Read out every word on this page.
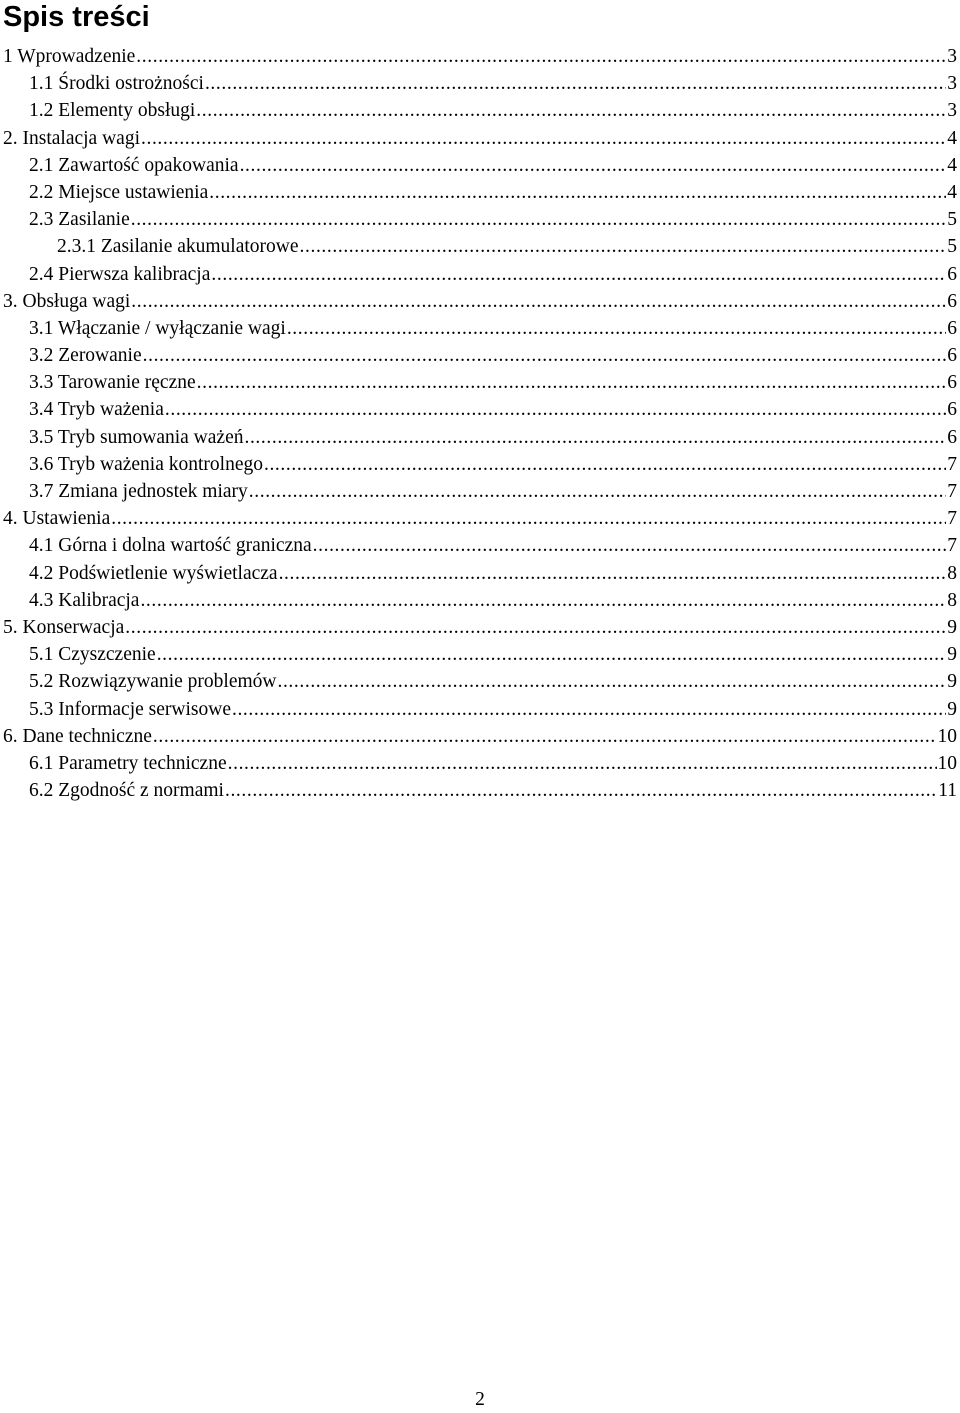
Spis treści
1 Wprowadzenie .....	3
1.1 Środki ostrożności .....	3
1.2 Elementy obsługi .....	3
2. Instalacja wagi .....	4
2.1 Zawartość opakowania .....	4
2.2 Miejsce ustawienia .....	4
2.3 Zasilanie .....	5
2.3.1 Zasilanie akumulatorowe .....	5
2.4 Pierwsza kalibracja .....	6
3. Obsługa wagi .....	6
3.1 Włączanie / wyłączanie wagi .....	6
3.2 Zerowanie .....	6
3.3 Tarowanie ręczne .....	6
3.4 Tryb ważenia .....	6
3.5 Tryb sumowania ważeń .....	6
3.6 Tryb ważenia kontrolnego .....	7
3.7 Zmiana jednostek miary .....	7
4. Ustawienia .....	7
4.1 Górna i dolna wartość graniczna .....	7
4.2 Podświetlenie wyświetlacza .....	8
4.3 Kalibracja .....	8
5. Konserwacja .....	9
5.1 Czyszczenie .....	9
5.2 Rozwiązywanie problemów .....	9
5.3 Informacje serwisowe .....	9
6. Dane techniczne .....	10
6.1 Parametry techniczne .....	10
6.2 Zgodność z normami .....	11
2
